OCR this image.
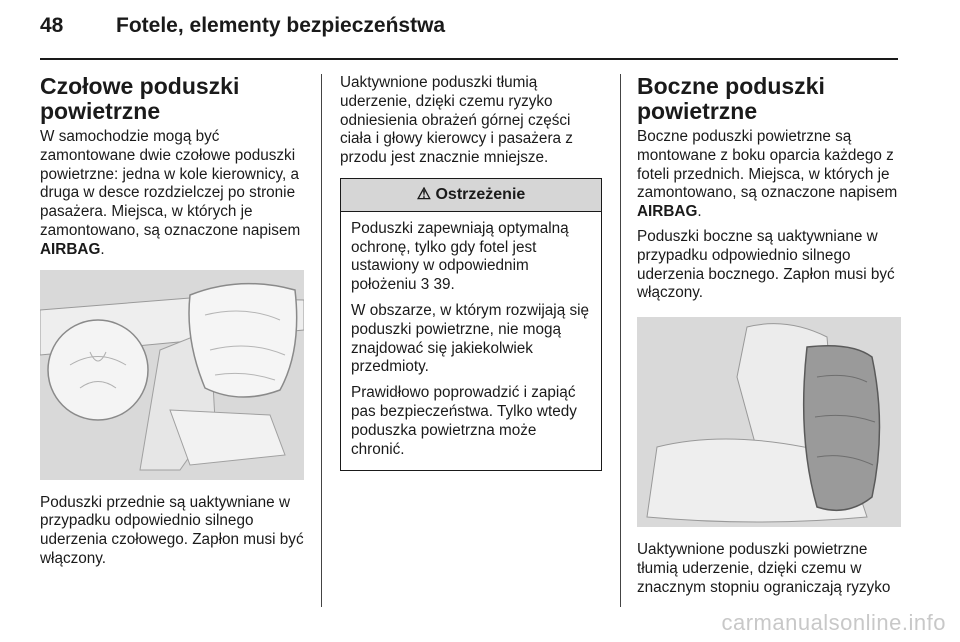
48	Fotele, elementy bezpieczeństwa
Czołowe poduszki powietrzne

W samochodzie mogą być zamontowane dwie czołowe poduszki powietrzne: jedna w kole kierownicy, a druga w desce rozdzielczej po stronie pasażera. Miejsca, w których je zamontowano, są oznaczone napisem AIRBAG.

Poduszki przednie są uaktywniane w przypadku odpowiednio silnego uderzenia czołowego. Zapłon musi być włączony.

Uaktywnione poduszki tłumią uderzenie, dzięki czemu ryzyko odniesienia obrażeń górnej części ciała i głowy kierowcy i pasażera z przodu jest znacznie mniejsze.

⚠ Ostrzeżenie

Poduszki zapewniają optymalną ochronę, tylko gdy fotel jest ustawiony w odpowiednim położeniu 3 39.

W obszarze, w którym rozwijają się poduszki powietrzne, nie mogą znajdować się jakiekolwiek przedmioty.

Prawidłowo poprowadzić i zapiąć pas bezpieczeństwa. Tylko wtedy poduszka powietrzna może chronić.

Boczne poduszki powietrzne

Boczne poduszki powietrzne są montowane z boku oparcia każdego z foteli przednich. Miejsca, w których je zamontowano, są oznaczone napisem AIRBAG.

Poduszki boczne są uaktywniane w przypadku odpowiednio silnego uderzenia bocznego. Zapłon musi być włączony.

Uaktywnione poduszki powietrzne tłumią uderzenie, dzięki czemu w znacznym stopniu ograniczają ryzyko

carmanualsonline.info
